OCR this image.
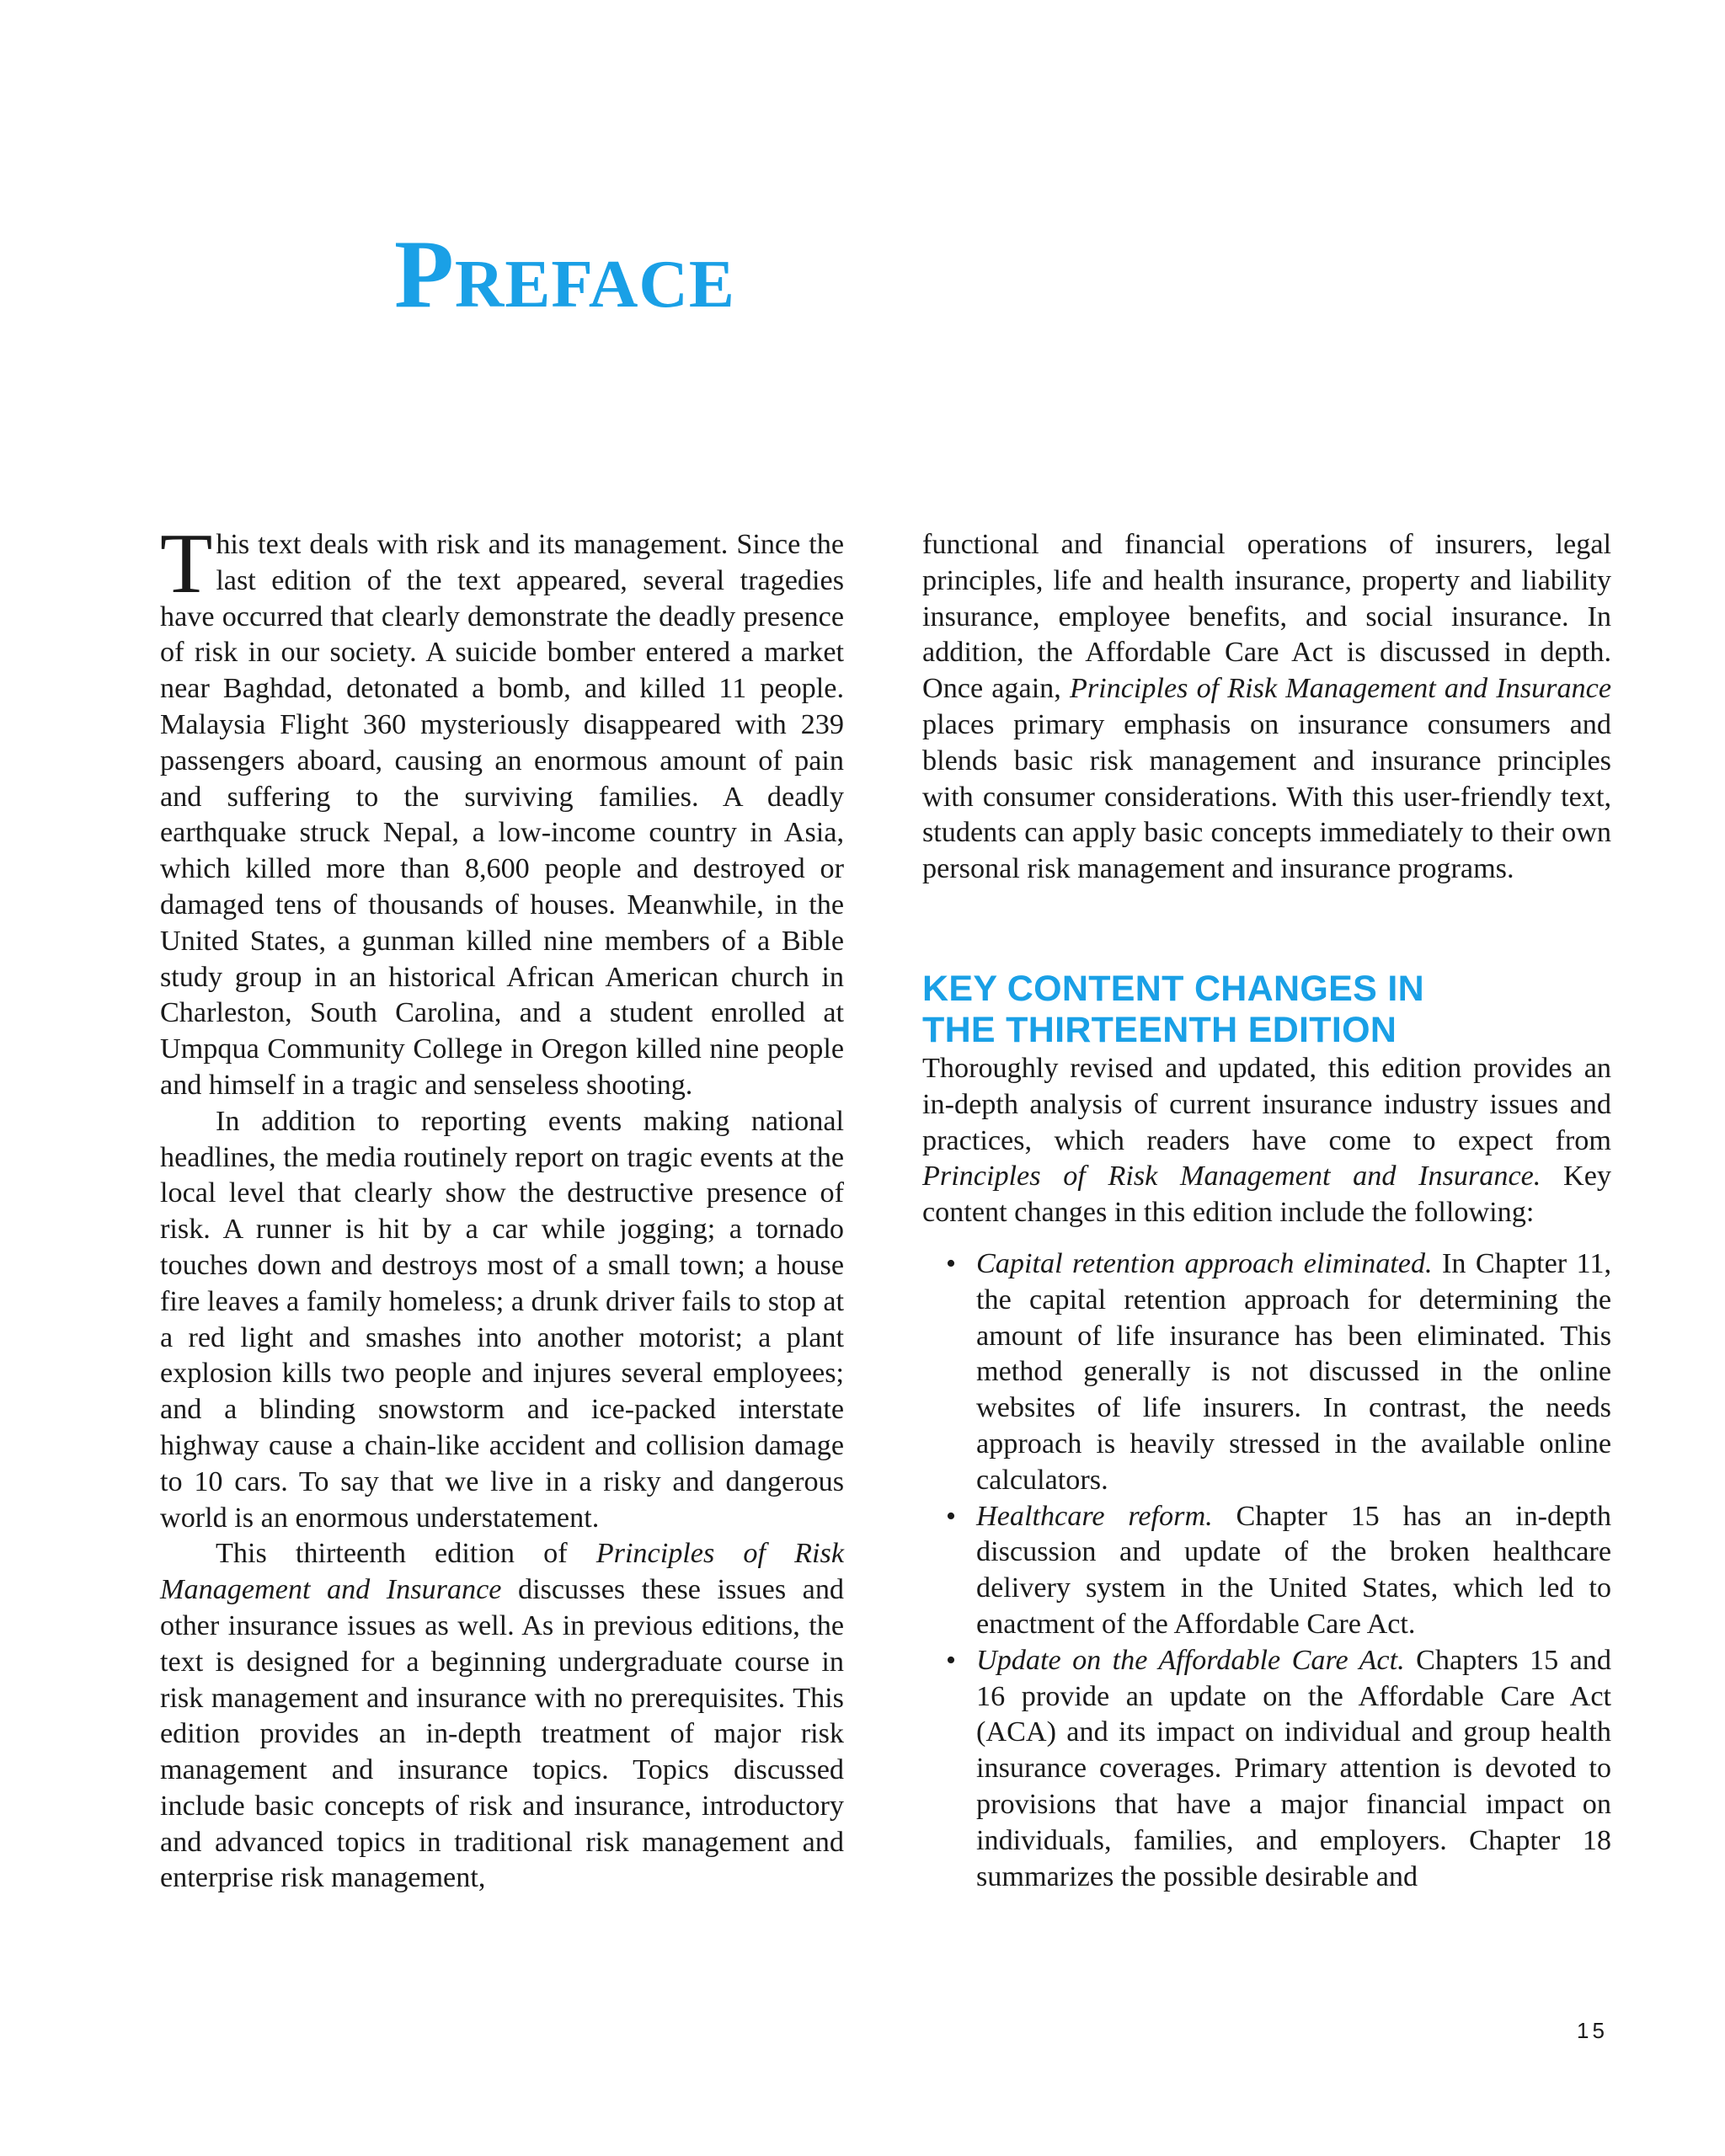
Preface

This text deals with risk and its management. Since the last edition of the text appeared, several tragedies have occurred that clearly demonstrate the deadly presence of risk in our society. A suicide bomber entered a market near Baghdad, detonated a bomb, and killed 11 people. Malaysia Flight 360 mysteriously disappeared with 239 passengers aboard, causing an enormous amount of pain and suffering to the surviving families. A deadly earthquake struck Nepal, a low-income country in Asia, which killed more than 8,600 people and destroyed or damaged tens of thousands of houses. Meanwhile, in the United States, a gunman killed nine members of a Bible study group in an historical African American church in Charleston, South Carolina, and a student enrolled at Umpqua Community College in Oregon killed nine people and himself in a tragic and senseless shooting.

In addition to reporting events making national headlines, the media routinely report on tragic events at the local level that clearly show the destructive presence of risk. A runner is hit by a car while jogging; a tornado touches down and destroys most of a small town; a house fire leaves a family homeless; a drunk driver fails to stop at a red light and smashes into another motorist; a plant explosion kills two people and injures several employees; and a blinding snowstorm and ice-packed interstate highway cause a chain-like accident and collision damage to 10 cars. To say that we live in a risky and dangerous world is an enormous understatement.

This thirteenth edition of Principles of Risk Management and Insurance discusses these issues and other insurance issues as well. As in previous editions, the text is designed for a beginning undergraduate course in risk management and insurance with no prerequisites. This edition provides an in-depth treatment of major risk management and insurance topics. Topics discussed include basic concepts of risk and insurance, introductory and advanced topics in traditional risk management and enterprise risk management,

functional and financial operations of insurers, legal principles, life and health insurance, property and liability insurance, employee benefits, and social insurance. In addition, the Affordable Care Act is discussed in depth. Once again, Principles of Risk Management and Insurance places primary emphasis on insurance consumers and blends basic risk management and insurance principles with consumer considerations. With this user-friendly text, students can apply basic concepts immediately to their own personal risk management and insurance programs.

KEY CONTENT CHANGES IN
THE THIRTEENTH EDITION

Thoroughly revised and updated, this edition provides an in-depth analysis of current insurance industry issues and practices, which readers have come to expect from Principles of Risk Management and Insurance. Key content changes in this edition include the following:

• Capital retention approach eliminated. In Chapter 11, the capital retention approach for determining the amount of life insurance has been eliminated. This method generally is not discussed in the online websites of life insurers. In contrast, the needs approach is heavily stressed in the available online calculators.
• Healthcare reform. Chapter 15 has an in-depth discussion and update of the broken healthcare delivery system in the United States, which led to enactment of the Affordable Care Act.
• Update on the Affordable Care Act. Chapters 15 and 16 provide an update on the Affordable Care Act (ACA) and its impact on individual and group health insurance coverages. Primary attention is devoted to provisions that have a major financial impact on individuals, families, and employers. Chapter 18 summarizes the possible desirable and
15
